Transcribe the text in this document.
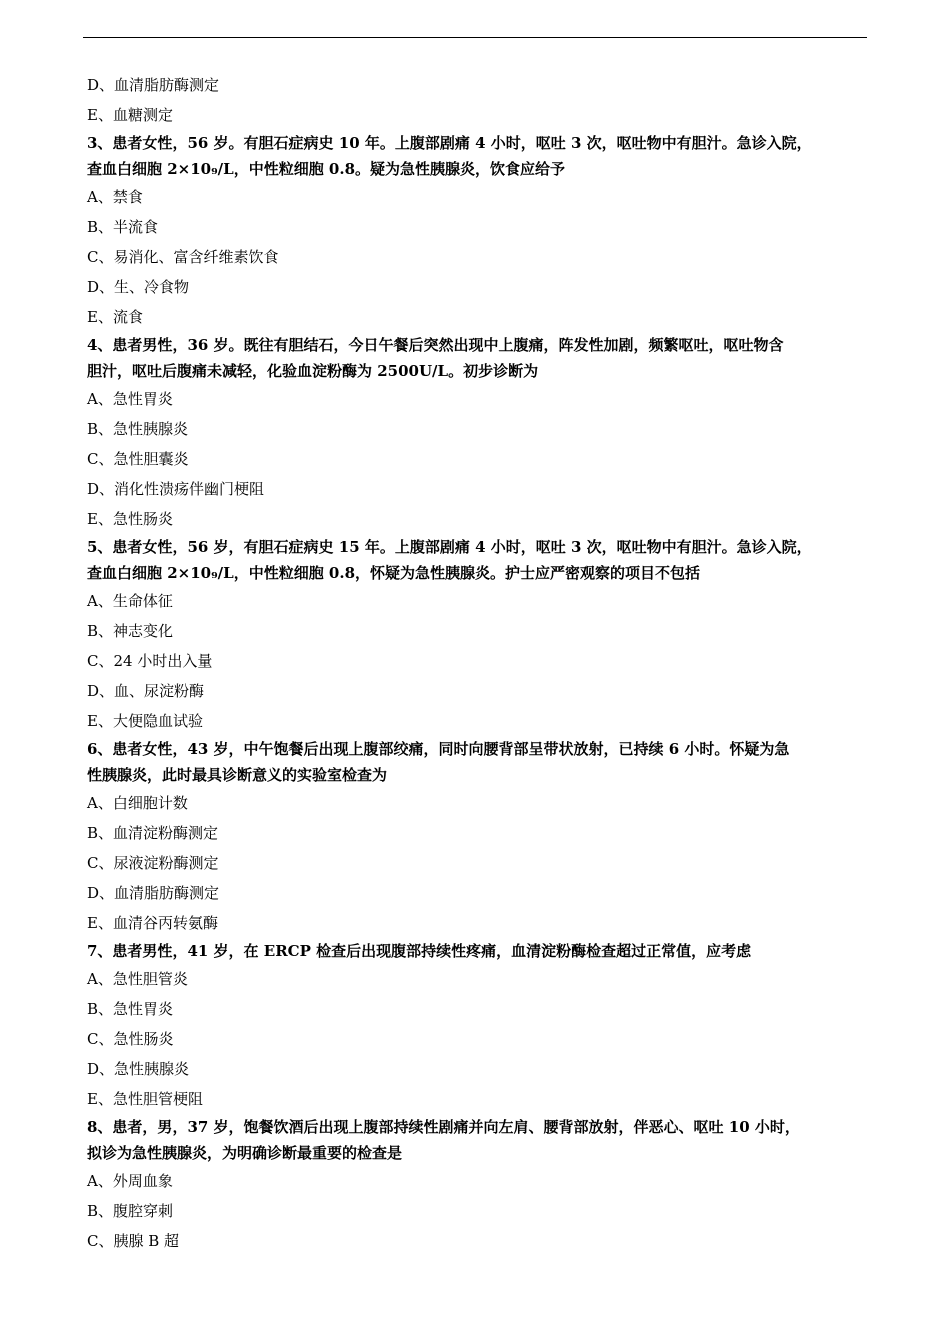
D、血清脂肪酶测定

E、血糖测定

3、患者女性，56 岁。有胆石症病史 10 年。上腹部剧痛 4 小时，呕吐 3 次，呕吐物中有胆汁。急诊入院，
查血白细胞 2×10₉/L，中性粒细胞 0.8。疑为急性胰腺炎，饮食应给予

A、禁食

B、半流食

C、易消化、富含纤维素饮食

D、生、冷食物

E、流食

4、患者男性，36 岁。既往有胆结石，今日午餐后突然出现中上腹痛，阵发性加剧，频繁呕吐，呕吐物含
胆汁，呕吐后腹痛未减轻，化验血淀粉酶为 2500U/L。初步诊断为

A、急性胃炎

B、急性胰腺炎

C、急性胆囊炎

D、消化性溃疡伴幽门梗阻

E、急性肠炎

5、患者女性，56 岁，有胆石症病史 15 年。上腹部剧痛 4 小时，呕吐 3 次，呕吐物中有胆汁。急诊入院，
查血白细胞 2×10₉/L，中性粒细胞 0.8，怀疑为急性胰腺炎。护士应严密观察的项目不包括

A、生命体征

B、神志变化

C、24 小时出入量

D、血、尿淀粉酶

E、大便隐血试验

6、患者女性，43 岁，中午饱餐后出现上腹部绞痛，同时向腰背部呈带状放射，已持续 6 小时。怀疑为急
性胰腺炎，此时最具诊断意义的实验室检查为

A、白细胞计数

B、血清淀粉酶测定

C、尿液淀粉酶测定

D、血清脂肪酶测定

E、血清谷丙转氨酶

7、患者男性，41 岁，在 ERCP 检查后出现腹部持续性疼痛，血清淀粉酶检查超过正常值，应考虑

A、急性胆管炎

B、急性胃炎

C、急性肠炎

D、急性胰腺炎

E、急性胆管梗阻

8、患者，男，37 岁，饱餐饮酒后出现上腹部持续性剧痛并向左肩、腰背部放射，伴恶心、呕吐 10 小时，
拟诊为急性胰腺炎，为明确诊断最重要的检查是

A、外周血象

B、腹腔穿刺

C、胰腺 B 超
